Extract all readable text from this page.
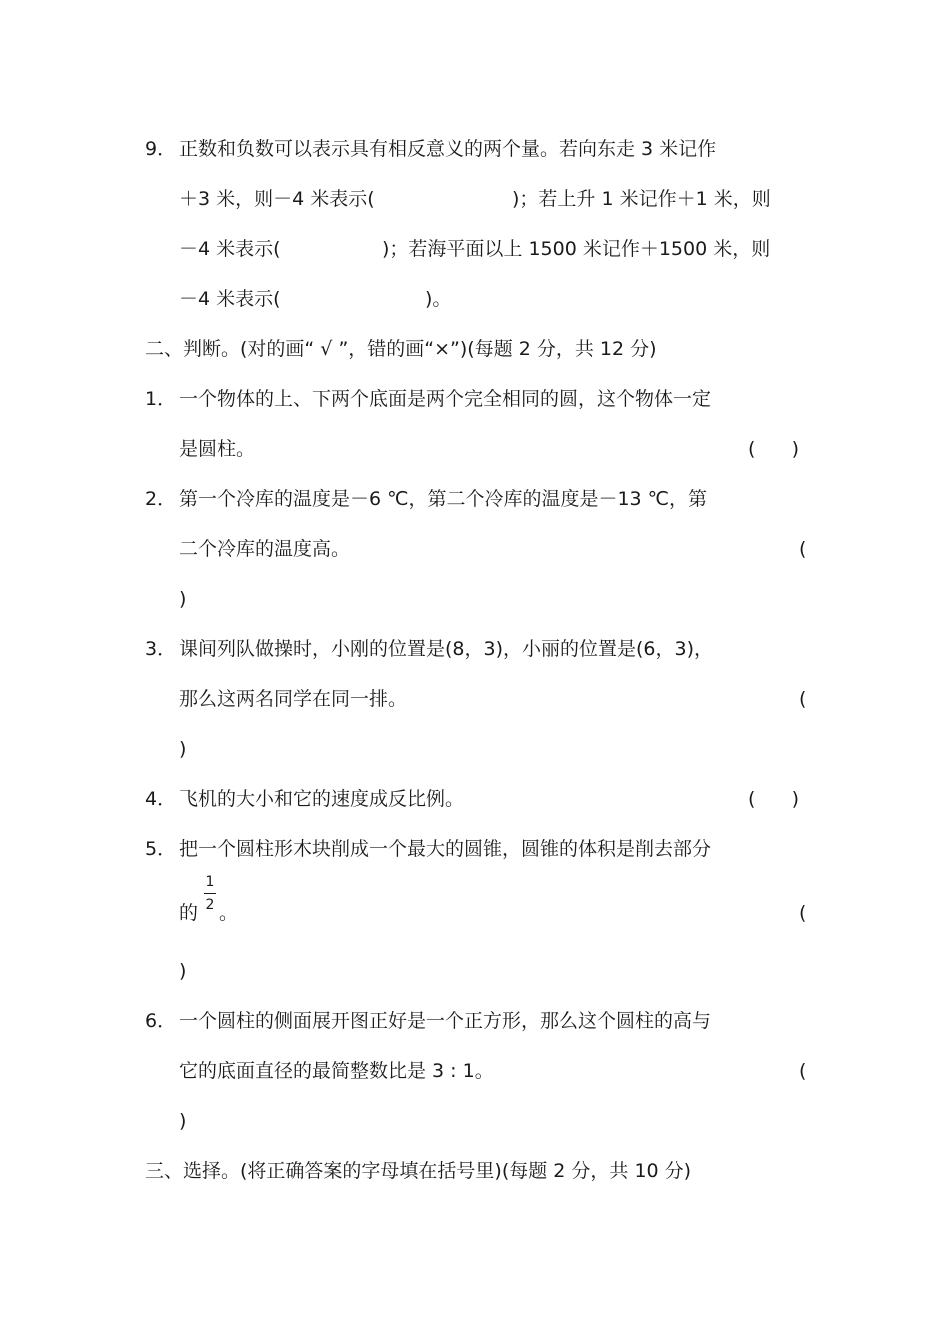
9． 正数和负数可以表示具有相反意义的两个量。若向东走 3 米记作
＋3 米，则－4 米表示(	)；若上升 1 米记作＋1 米，则
－4 米表示(	)；若海平面以上 1500 米记作＋1500 米，则
－4 米表示(	)。
二、判断。(对的画“ √ ”，错的画“×”)(每题 2 分，共 12 分)
1． 一个物体的上、下两个底面是两个完全相同的圆，这个物体一定
是圆柱。	(      )
2． 第一个冷库的温度是－6 ℃，第二个冷库的温度是－13 ℃，第
二个冷库的温度高。	(
)
3． 课间列队做操时，小刚的位置是(8，3)，小丽的位置是(6，3)，
那么这两名同学在同一排。	(
)
4． 飞机的大小和它的速度成反比例。	(      )
5． 把一个圆柱形木块削成一个最大的圆锥，圆锥的体积是削去部分
的
1
2 。	(
)
6． 一个圆柱的侧面展开图正好是一个正方形，那么这个圆柱的高与
它的底面直径的最简整数比是 3 : 1。	(
)
三、选择。(将正确答案的字母填在括号里)(每题 2 分，共 10 分)
